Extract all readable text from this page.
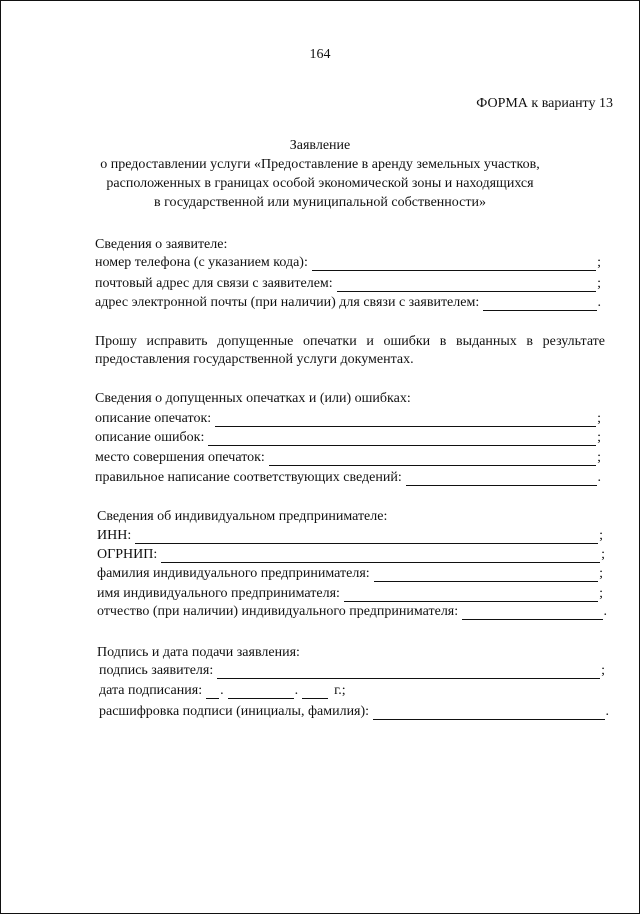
164
ФОРМА к варианту 13
Заявление
о предоставлении услуги «Предоставление в аренду земельных участков,
расположенных в границах особой экономической зоны и находящихся
в государственной или муниципальной собственности»
Сведения о заявителе:
номер телефона (с указанием кода):	;
почтовый адрес для связи с заявителем:	;
адрес электронной почты (при наличии) для связи с заявителем:	.
Прошу исправить допущенные опечатки и ошибки в выданных в результате
предоставления государственной услуги документах.
Сведения о допущенных опечатках и (или) ошибках:
описание опечаток:	;
описание ошибок:	;
место совершения опечаток:	;
правильное написание соответствующих сведений:	.
Сведения об индивидуальном предпринимателе:
ИНН:	;
ОГРНИП:	;
фамилия индивидуального предпринимателя:	;
имя индивидуального предпринимателя:	;
отчество (при наличии) индивидуального предпринимателя:	.
Подпись и дата подачи заявления:
подпись заявителя:	;
дата подписания: .	.	г.;
расшифровка подписи (инициалы, фамилия):	.
